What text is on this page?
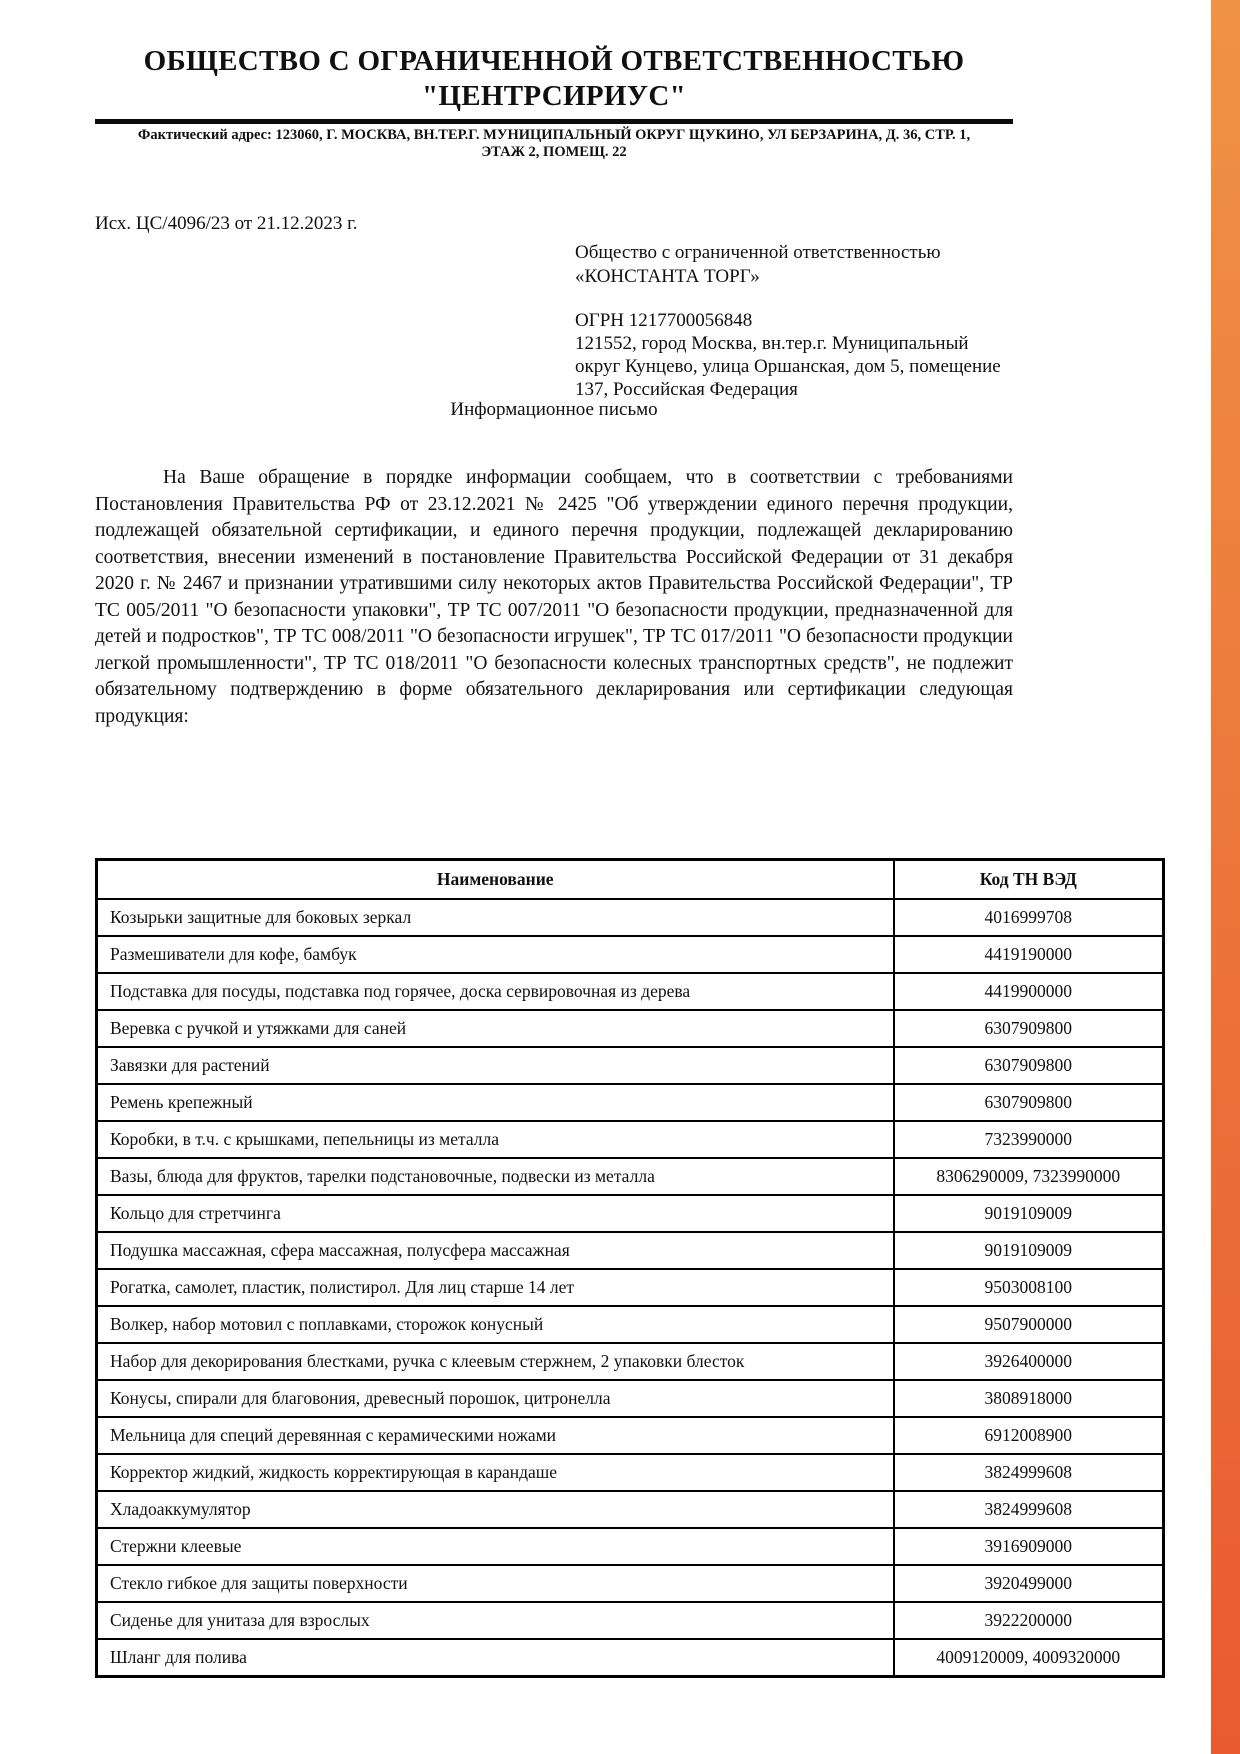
ОБЩЕСТВО С ОГРАНИЧЕННОЙ ОТВЕТСТВЕННОСТЬЮ
"ЦЕНТРСИРИУС"
Фактический адрес: 123060, Г. МОСКВА, ВН.ТЕР.Г. МУНИЦИПАЛЬНЫЙ ОКРУГ ЩУКИНО, УЛ БЕРЗАРИНА, Д. 36, СТР. 1, ЭТАЖ 2, ПОМЕЩ. 22
Исх. ЦС/4096/23 от 21.12.2023 г.
Общество с ограниченной ответственностью
«КОНСТАНТА ТОРГ»
ОГРН 1217700056848
121552, город Москва, вн.тер.г. Муниципальный округ Кунцево, улица Оршанская, дом 5, помещение 137, Российская Федерация
Информационное письмо
На Ваше обращение в порядке информации сообщаем, что в соответствии с требованиями Постановления Правительства РФ от 23.12.2021 № 2425 "Об утверждении единого перечня продукции, подлежащей обязательной сертификации, и единого перечня продукции, подлежащей декларированию соответствия, внесении изменений в постановление Правительства Российской Федерации от 31 декабря 2020 г. № 2467 и признании утратившими силу некоторых актов Правительства Российской Федерации", ТР ТС 005/2011 "О безопасности упаковки", ТР ТС 007/2011 "О безопасности продукции, предназначенной для детей и подростков", ТР ТС 008/2011 "О безопасности игрушек", ТР ТС 017/2011 "О безопасности продукции легкой промышленности", ТР ТС 018/2011 "О безопасности колесных транспортных средств", не подлежит обязательному подтверждению в форме обязательного декларирования или сертификации следующая продукция:
Наименование	Код ТН ВЭД
Козырьки защитные для боковых зеркал	4016999708
Размешиватели для кофе, бамбук	4419190000
Подставка для посуды, подставка под горячее, доска сервировочная из дерева	4419900000
Веревка с ручкой и утяжками для саней	6307909800
Завязки для растений	6307909800
Ремень крепежный	6307909800
Коробки, в т.ч. с крышками, пепельницы из металла	7323990000
Вазы, блюда для фруктов, тарелки подстановочные, подвески из металла	8306290009, 7323990000
Кольцо для стретчинга	9019109009
Подушка массажная, сфера массажная, полусфера массажная	9019109009
Рогатка, самолет, пластик, полистирол. Для лиц старше 14 лет	9503008100
Волкер, набор мотовил с поплавками, сторожок конусный	9507900000
Набор для декорирования блестками, ручка с клеевым стержнем, 2 упаковки блесток	3926400000
Конусы, спирали для благовония, древесный порошок, цитронелла	3808918000
Мельница для специй деревянная с керамическими ножами	6912008900
Корректор жидкий, жидкость корректирующая в карандаше	3824999608
Хладоаккумулятор	3824999608
Стержни клеевые	3916909000
Стекло гибкое для защиты поверхности	3920499000
Сиденье для унитаза для взрослых	3922200000
Шланг для полива	4009120009, 4009320000
